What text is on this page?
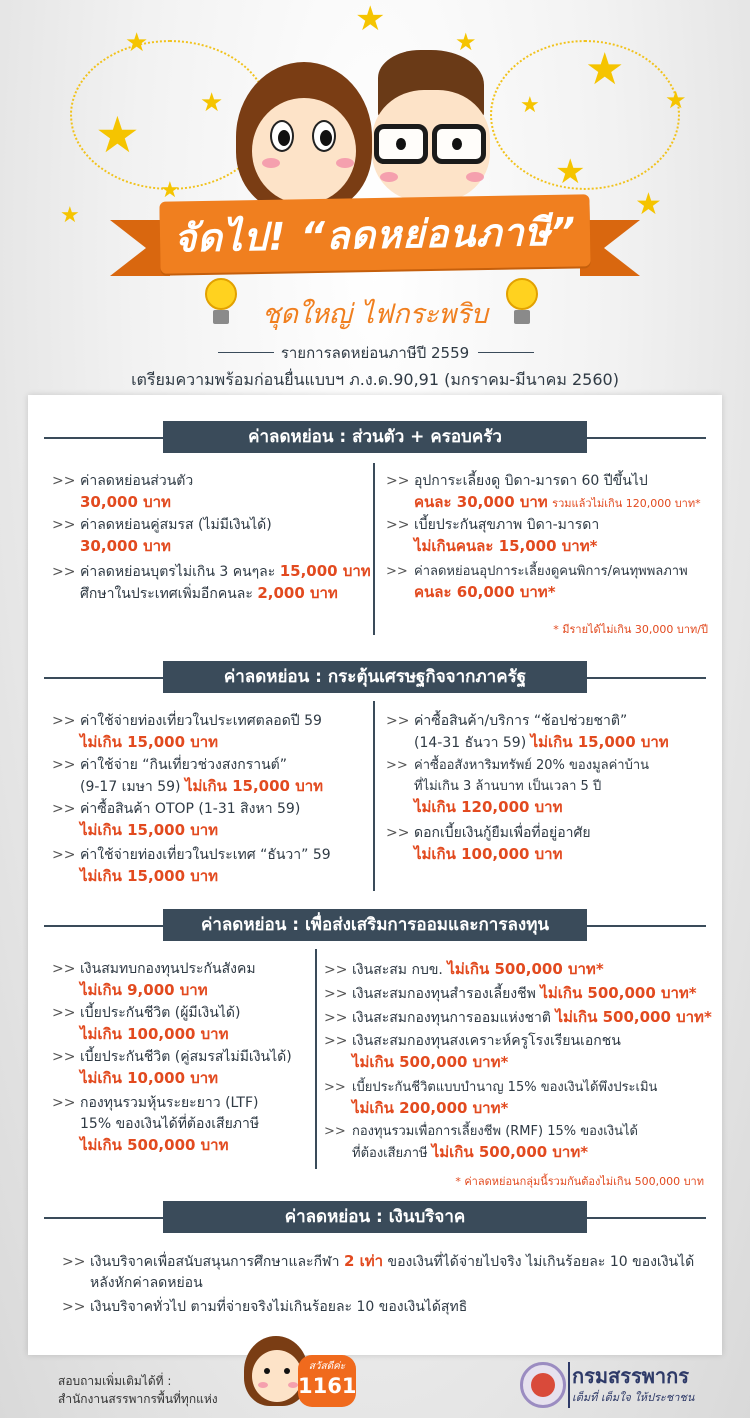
★
★
★
★
★
★
★	★
★
★	★
★ จัดไป! “ลดหย่อนภาษี”
ชุดใหญ่ ไฟกระพริบ
รายการลดหย่อนภาษีปี 2559
เตรียมความพร้อมก่อนยื่นแบบฯ ภ.ง.ด.90,91 (มกราคม-มีนาคม 2560)
ค่าลดหย่อน : ส่วนตัว + ครอบครัว
>> ค่าลดหย่อนส่วนตัว
30,000 บาท
>> ค่าลดหย่อนคู่สมรส (ไม่มีเงินได้)
30,000 บาท
>> ค่าลดหย่อนบุตรไม่เกิน 3 คนๆละ 15,000 บาท
ศึกษาในประเทศเพิ่มอีกคนละ 2,000 บาท
>> อุปการะเลี้ยงดู บิดา-มารดา 60 ปีขึ้นไป
คนละ 30,000 บาท รวมแล้วไม่เกิน 120,000 บาท*
>> เบี้ยประกันสุขภาพ บิดา-มารดา
ไม่เกินคนละ 15,000 บาท*
>> ค่าลดหย่อนอุปการะเลี้ยงดูคนพิการ/คนทุพพลภาพ
คนละ 60,000 บาท*
* มีรายได้ไม่เกิน 30,000 บาท/ปี
ค่าลดหย่อน : กระตุ้นเศรษฐกิจจากภาครัฐ
>> ค่าใช้จ่ายท่องเที่ยวในประเทศตลอดปี 59
ไม่เกิน 15,000 บาท
>> ค่าใช้จ่าย “กินเที่ยวช่วงสงกรานต์”
(9-17 เมษา 59) ไม่เกิน 15,000 บาท
>> ค่าซื้อสินค้า OTOP (1-31 สิงหา 59)
ไม่เกิน 15,000 บาท
>> ค่าใช้จ่ายท่องเที่ยวในประเทศ “ธันวา” 59
ไม่เกิน 15,000 บาท
>> ค่าซื้อสินค้า/บริการ “ช้อปช่วยชาติ”
(14-31 ธันวา 59) ไม่เกิน 15,000 บาท
>> ค่าซื้ออสังหาริมทรัพย์ 20% ของมูลค่าบ้าน
ที่ไม่เกิน 3 ล้านบาท เป็นเวลา 5 ปี
ไม่เกิน 120,000 บาท
>> ดอกเบี้ยเงินกู้ยืมเพื่อที่อยู่อาศัย
ไม่เกิน 100,000 บาท
ค่าลดหย่อน : เพื่อส่งเสริมการออมและการลงทุน
>> เงินสมทบกองทุนประกันสังคม
ไม่เกิน 9,000 บาท
>> เบี้ยประกันชีวิต (ผู้มีเงินได้)
ไม่เกิน 100,000 บาท
>> เบี้ยประกันชีวิต (คู่สมรสไม่มีเงินได้)
ไม่เกิน 10,000 บาท
>> กองทุนรวมหุ้นระยะยาว (LTF)
15% ของเงินได้ที่ต้องเสียภาษี
ไม่เกิน 500,000 บาท
>> เงินสะสม กบข. ไม่เกิน 500,000 บาท*
>> เงินสะสมกองทุนสำรองเลี้ยงชีพ ไม่เกิน 500,000 บาท*
>> เงินสะสมกองทุนการออมแห่งชาติ ไม่เกิน 500,000 บาท*
>> เงินสะสมกองทุนสงเคราะห์ครูโรงเรียนเอกชน
ไม่เกิน 500,000 บาท*
>> เบี้ยประกันชีวิตแบบบำนาญ 15% ของเงินได้พึงประเมิน
ไม่เกิน 200,000 บาท*
>> กองทุนรวมเพื่อการเลี้ยงชีพ (RMF) 15% ของเงินได้
ที่ต้องเสียภาษี ไม่เกิน 500,000 บาท*
* ค่าลดหย่อนกลุ่มนี้รวมกันต้องไม่เกิน 500,000 บาท
ค่าลดหย่อน : เงินบริจาค
>> เงินบริจาคเพื่อสนับสนุนการศึกษาและกีฬา 2 เท่า ของเงินที่ได้จ่ายไปจริง ไม่เกินร้อยละ 10 ของเงินได้
หลังหักค่าลดหย่อน
>> เงินบริจาคทั่วไป ตามที่จ่ายจริงไม่เกินร้อยละ 10 ของเงินได้สุทธิ
สอบถามเพิ่มเติมได้ที่ :
สำนักงานสรรพากรพื้นที่ทุกแห่ง
สวัสดีค่ะ
1161	กรมสรรพากร
เต็มที่ เต็มใจ ให้ประชาชน
